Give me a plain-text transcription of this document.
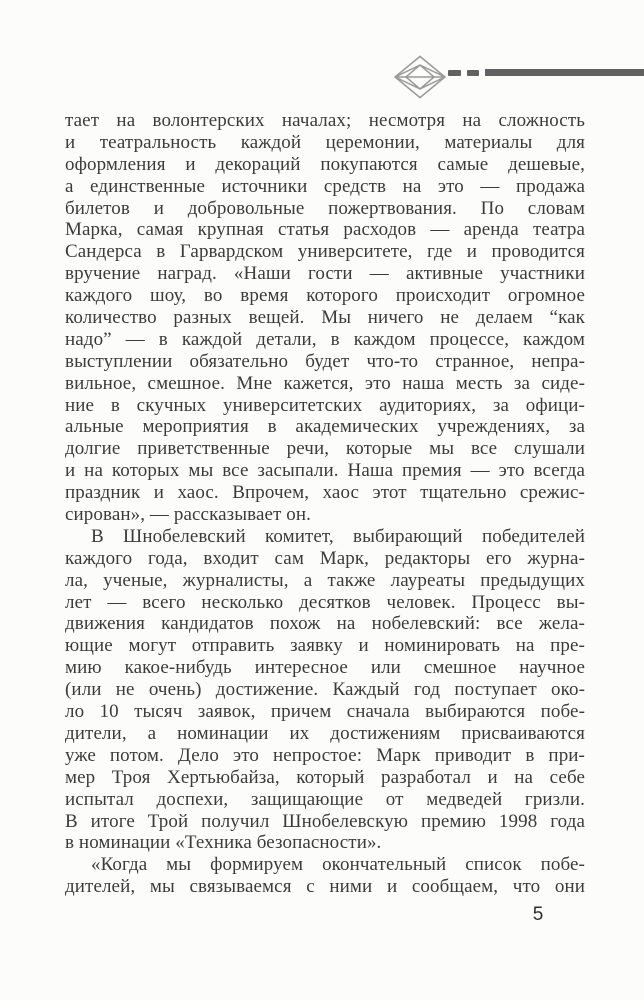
тает на волонтерских началах; несмотря на сложность
и театральность каждой церемонии, материалы для
оформления и декораций покупаются самые дешевые,
а единственные источники средств на это — продажа
билетов и добровольные пожертвования. По словам
Марка, самая крупная статья расходов — аренда театра
Сандерса в Гарвардском университете, где и проводится
вручение наград. «Наши гости — активные участники
каждого шоу, во время которого происходит огромное
количество разных вещей. Мы ничего не делаем “как
надо” — в каждой детали, в каждом процессе, каждом
выступлении обязательно будет что-то странное, непра-
вильное, смешное. Мне кажется, это наша месть за сиде-
ние в скучных университетских аудиториях, за офици-
альные мероприятия в академических учреждениях, за
долгие приветственные речи, которые мы все слушали
и на которых мы все засыпали. Наша премия — это всегда
праздник и хаос. Впрочем, хаос этот тщательно срежис-
сирован», — рассказывает он.
В Шнобелевский комитет, выбирающий победителей
каждого года, входит сам Марк, редакторы его журна-
ла, ученые, журналисты, а также лауреаты предыдущих
лет — всего несколько десятков человек. Процесс вы-
движения кандидатов похож на нобелевский: все жела-
ющие могут отправить заявку и номинировать на пре-
мию какое-нибудь интересное или смешное научное
(или не очень) достижение. Каждый год поступает око-
ло 10 тысяч заявок, причем сначала выбираются побе-
дители, а номинации их достижениям присваиваются
уже потом. Дело это непростое: Марк приводит в при-
мер Троя Хертьюбайза, который разработал и на себе
испытал доспехи, защищающие от медведей гризли.
В итоге Трой получил Шнобелевскую премию 1998 года
в номинации «Техника безопасности».
«Когда мы формируем окончательный список побе-
дителей, мы связываемся с ними и сообщаем, что они
5
